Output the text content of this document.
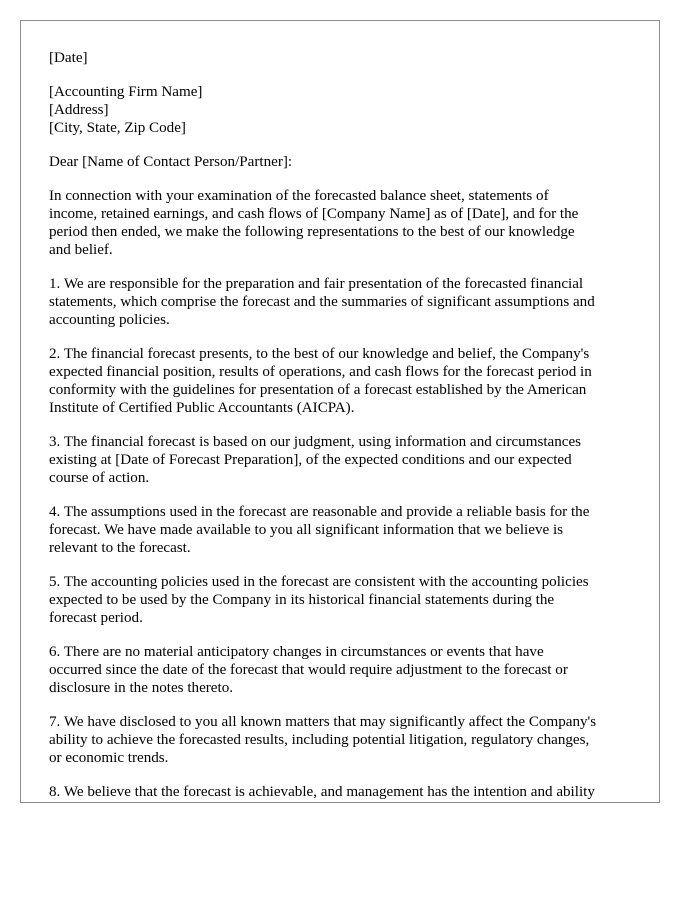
[Date]
[Accounting Firm Name]
[Address]
[City, State, Zip Code]
Dear [Name of Contact Person/Partner]:
In connection with your examination of the forecasted balance sheet, statements of
income, retained earnings, and cash flows of [Company Name] as of [Date], and for the
period then ended, we make the following representations to the best of our knowledge
and belief.
1. We are responsible for the preparation and fair presentation of the forecasted financial
statements, which comprise the forecast and the summaries of significant assumptions and
accounting policies.
2. The financial forecast presents, to the best of our knowledge and belief, the Company's
expected financial position, results of operations, and cash flows for the forecast period in
conformity with the guidelines for presentation of a forecast established by the American
Institute of Certified Public Accountants (AICPA).
3. The financial forecast is based on our judgment, using information and circumstances
existing at [Date of Forecast Preparation], of the expected conditions and our expected
course of action.
4. The assumptions used in the forecast are reasonable and provide a reliable basis for the
forecast. We have made available to you all significant information that we believe is
relevant to the forecast.
5. The accounting policies used in the forecast are consistent with the accounting policies
expected to be used by the Company in its historical financial statements during the
forecast period.
6. There are no material anticipatory changes in circumstances or events that have
occurred since the date of the forecast that would require adjustment to the forecast or
disclosure in the notes thereto.
7. We have disclosed to you all known matters that may significantly affect the Company's
ability to achieve the forecasted results, including potential litigation, regulatory changes,
or economic trends.
8. We believe that the forecast is achievable, and management has the intention and ability
